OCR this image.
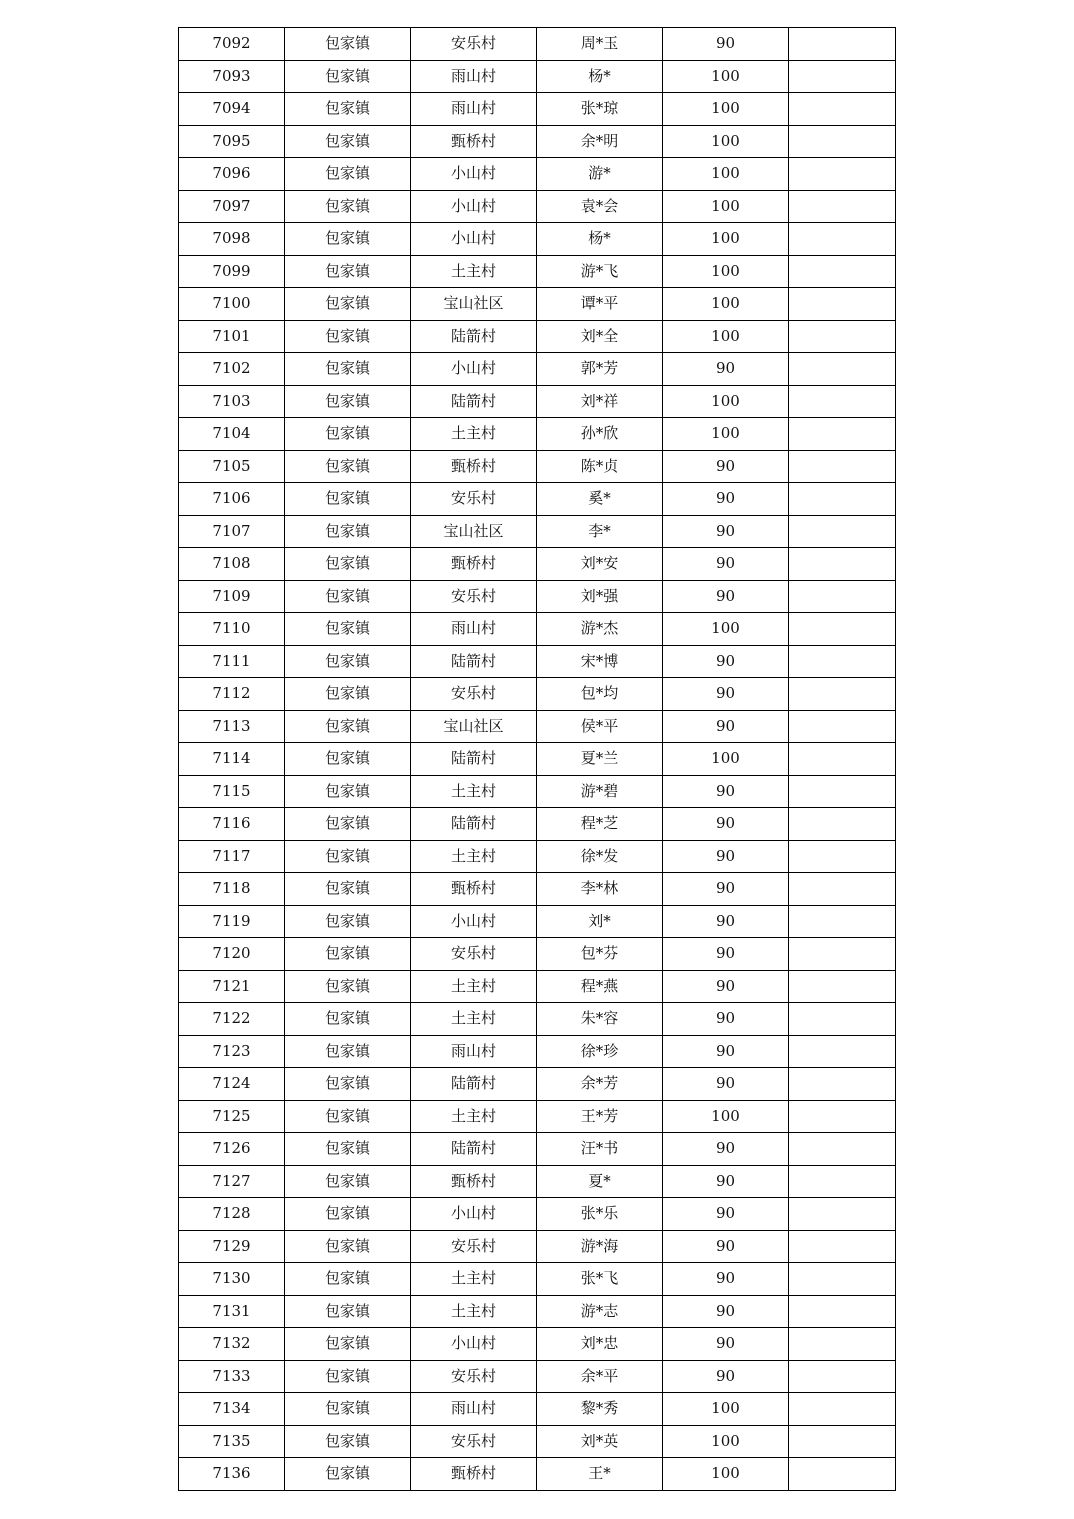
7092	包家镇	安乐村	周*玉	90	
7093	包家镇	雨山村	杨*	100	
7094	包家镇	雨山村	张*琼	100	
7095	包家镇	甄桥村	余*明	100	
7096	包家镇	小山村	游*	100	
7097	包家镇	小山村	袁*会	100	
7098	包家镇	小山村	杨*	100	
7099	包家镇	土主村	游*飞	100	
7100	包家镇	宝山社区	谭*平	100	
7101	包家镇	陆箭村	刘*全	100	
7102	包家镇	小山村	郭*芳	90	
7103	包家镇	陆箭村	刘*祥	100	
7104	包家镇	土主村	孙*欣	100	
7105	包家镇	甄桥村	陈*贞	90	
7106	包家镇	安乐村	奚*	90	
7107	包家镇	宝山社区	李*	90	
7108	包家镇	甄桥村	刘*安	90	
7109	包家镇	安乐村	刘*强	90	
7110	包家镇	雨山村	游*杰	100	
7111	包家镇	陆箭村	宋*博	90	
7112	包家镇	安乐村	包*均	90	
7113	包家镇	宝山社区	侯*平	90	
7114	包家镇	陆箭村	夏*兰	100	
7115	包家镇	土主村	游*碧	90	
7116	包家镇	陆箭村	程*芝	90	
7117	包家镇	土主村	徐*发	90	
7118	包家镇	甄桥村	李*林	90	
7119	包家镇	小山村	刘*	90	
7120	包家镇	安乐村	包*芬	90	
7121	包家镇	土主村	程*燕	90	
7122	包家镇	土主村	朱*容	90	
7123	包家镇	雨山村	徐*珍	90	
7124	包家镇	陆箭村	余*芳	90	
7125	包家镇	土主村	王*芳	100	
7126	包家镇	陆箭村	汪*书	90	
7127	包家镇	甄桥村	夏*	90	
7128	包家镇	小山村	张*乐	90	
7129	包家镇	安乐村	游*海	90	
7130	包家镇	土主村	张*飞	90	
7131	包家镇	土主村	游*志	90	
7132	包家镇	小山村	刘*忠	90	
7133	包家镇	安乐村	余*平	90	
7134	包家镇	雨山村	黎*秀	100	
7135	包家镇	安乐村	刘*英	100	
7136	包家镇	甄桥村	王*	100	
